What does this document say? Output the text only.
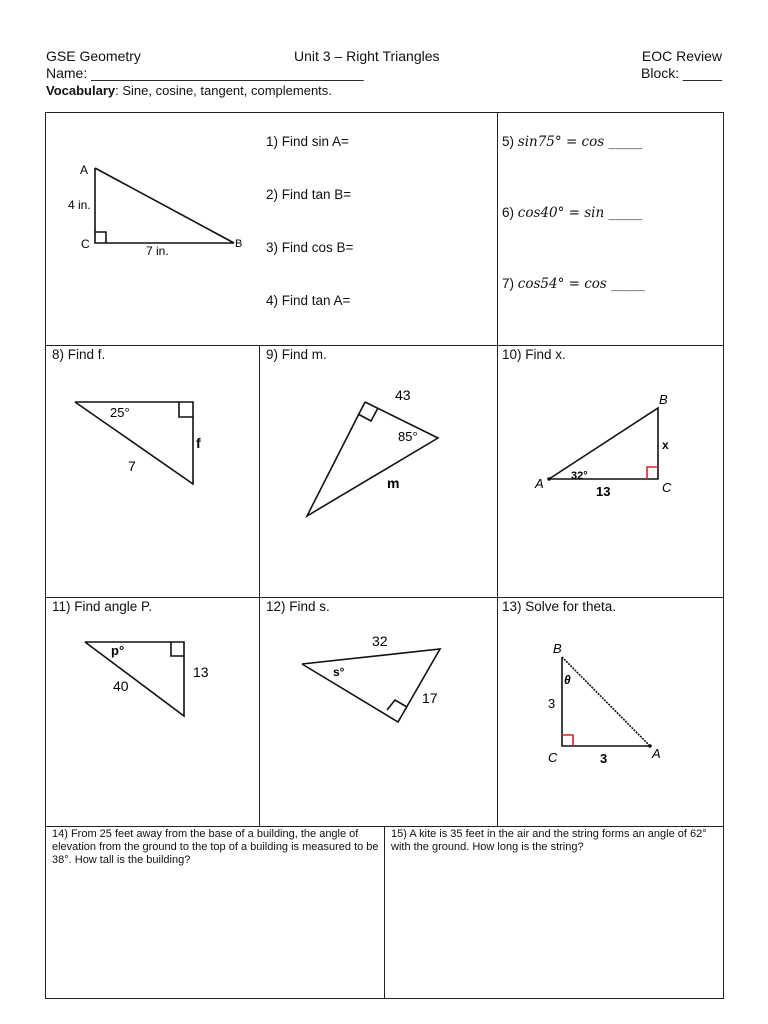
GSE Geometry
Name: ___________________________________
Unit 3 – Right Triangles	EOC Review
Block: _____
Vocabulary: Sine, cosine, tangent, complements.
1) Find sin A=
2) Find tan B=
3) Find cos B=
4) Find tan A=
5) sin75° = cos _____
6) cos40° = sin _____
7) cos54° = cos _____
8) Find f.	9) Find m.	10) Find x.
11) Find angle P.	12) Find s.	13) Solve for theta.
14) From 25 feet away from the base of a building, the angle of elevation from the ground to the top of a building is measured to be 38°. How tall is the building?
15) A kite is 35 feet in the air and the string forms an angle of 62° with the ground. How long is the string?
A
4 in.
C	B
7 in.
25°
7
f
43
85°
m
B
x
A 32°
13	C
p°
13
40
32
s°
17
B
θ
3
C	3	A
